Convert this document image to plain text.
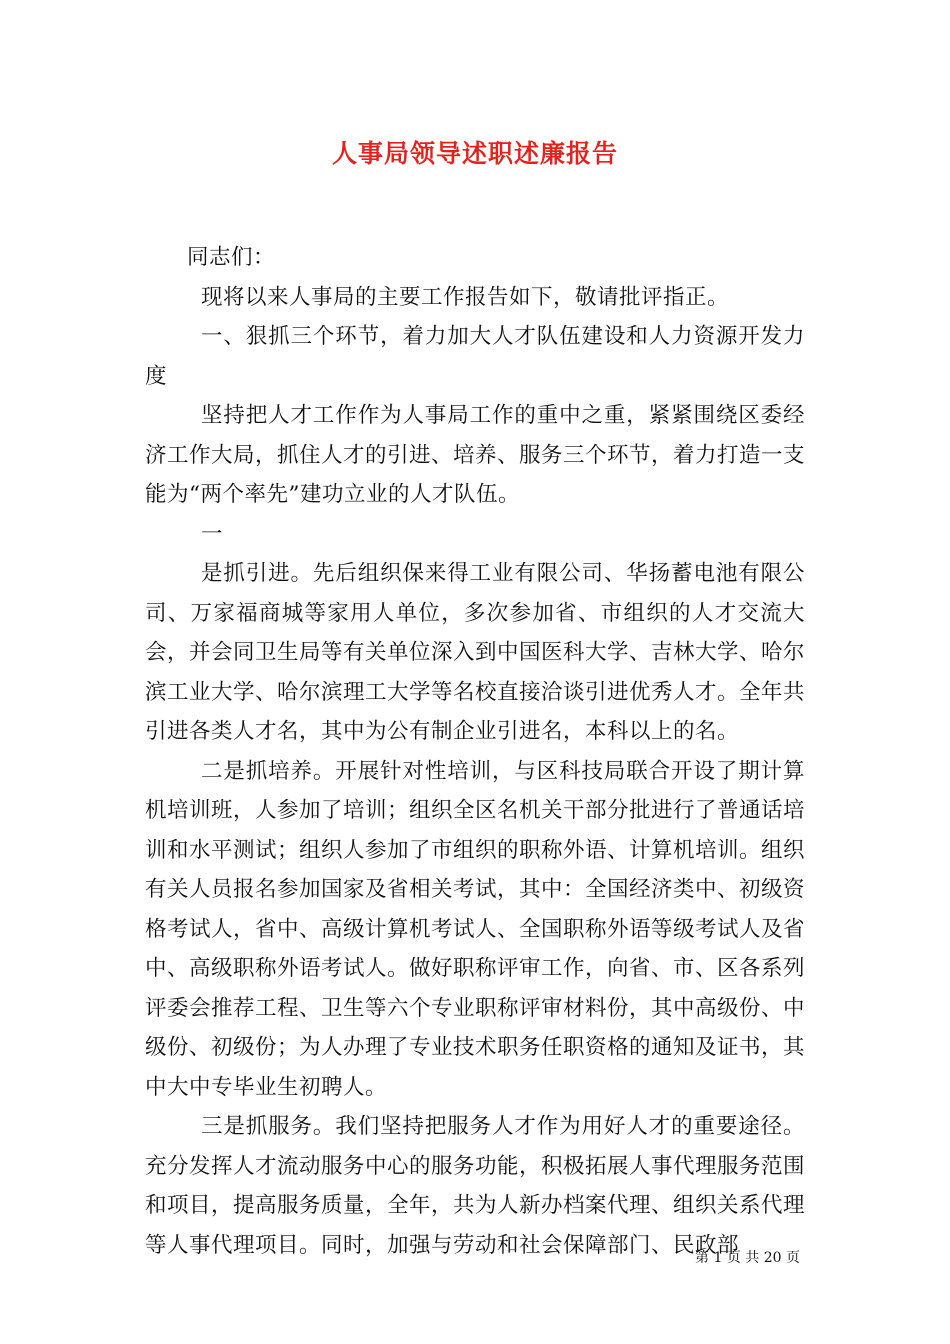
人事局领导述职述廉报告

同志们：

现将以来人事局的主要工作报告如下，敬请批评指正。

一、狠抓三个环节，着力加大人才队伍建设和人力资源开发力度

坚持把人才工作作为人事局工作的重中之重，紧紧围绕区委经济工作大局，抓住人才的引进、培养、服务三个环节，着力打造一支能为“两个率先”建功立业的人才队伍。

一

是抓引进。先后组织保来得工业有限公司、华扬蓄电池有限公司、万家福商城等家用人单位，多次参加省、市组织的人才交流大会，并会同卫生局等有关单位深入到中国医科大学、吉林大学、哈尔滨工业大学、哈尔滨理工大学等名校直接洽谈引进优秀人才。全年共引进各类人才名，其中为公有制企业引进名，本科以上的名。

二是抓培养。开展针对性培训，与区科技局联合开设了期计算机培训班，人参加了培训；组织全区名机关干部分批进行了普通话培训和水平测试；组织人参加了市组织的职称外语、计算机培训。组织有关人员报名参加国家及省相关考试，其中：全国经济类中、初级资格考试人，省中、高级计算机考试人、全国职称外语等级考试人及省中、高级职称外语考试人。做好职称评审工作，向省、市、区各系列评委会推荐工程、卫生等六个专业职称评审材料份，其中高级份、中级份、初级份；为人办理了专业技术职务任职资格的通知及证书，其中大中专毕业生初聘人。

三是抓服务。我们坚持把服务人才作为用好人才的重要途径。充分发挥人才流动服务中心的服务功能，积极拓展人事代理服务范围和项目，提高服务质量，全年，共为人新办档案代理、组织关系代理等人事代理项目。同时，加强与劳动和社会保障部门、民政部

第 1 页 共 20 页
